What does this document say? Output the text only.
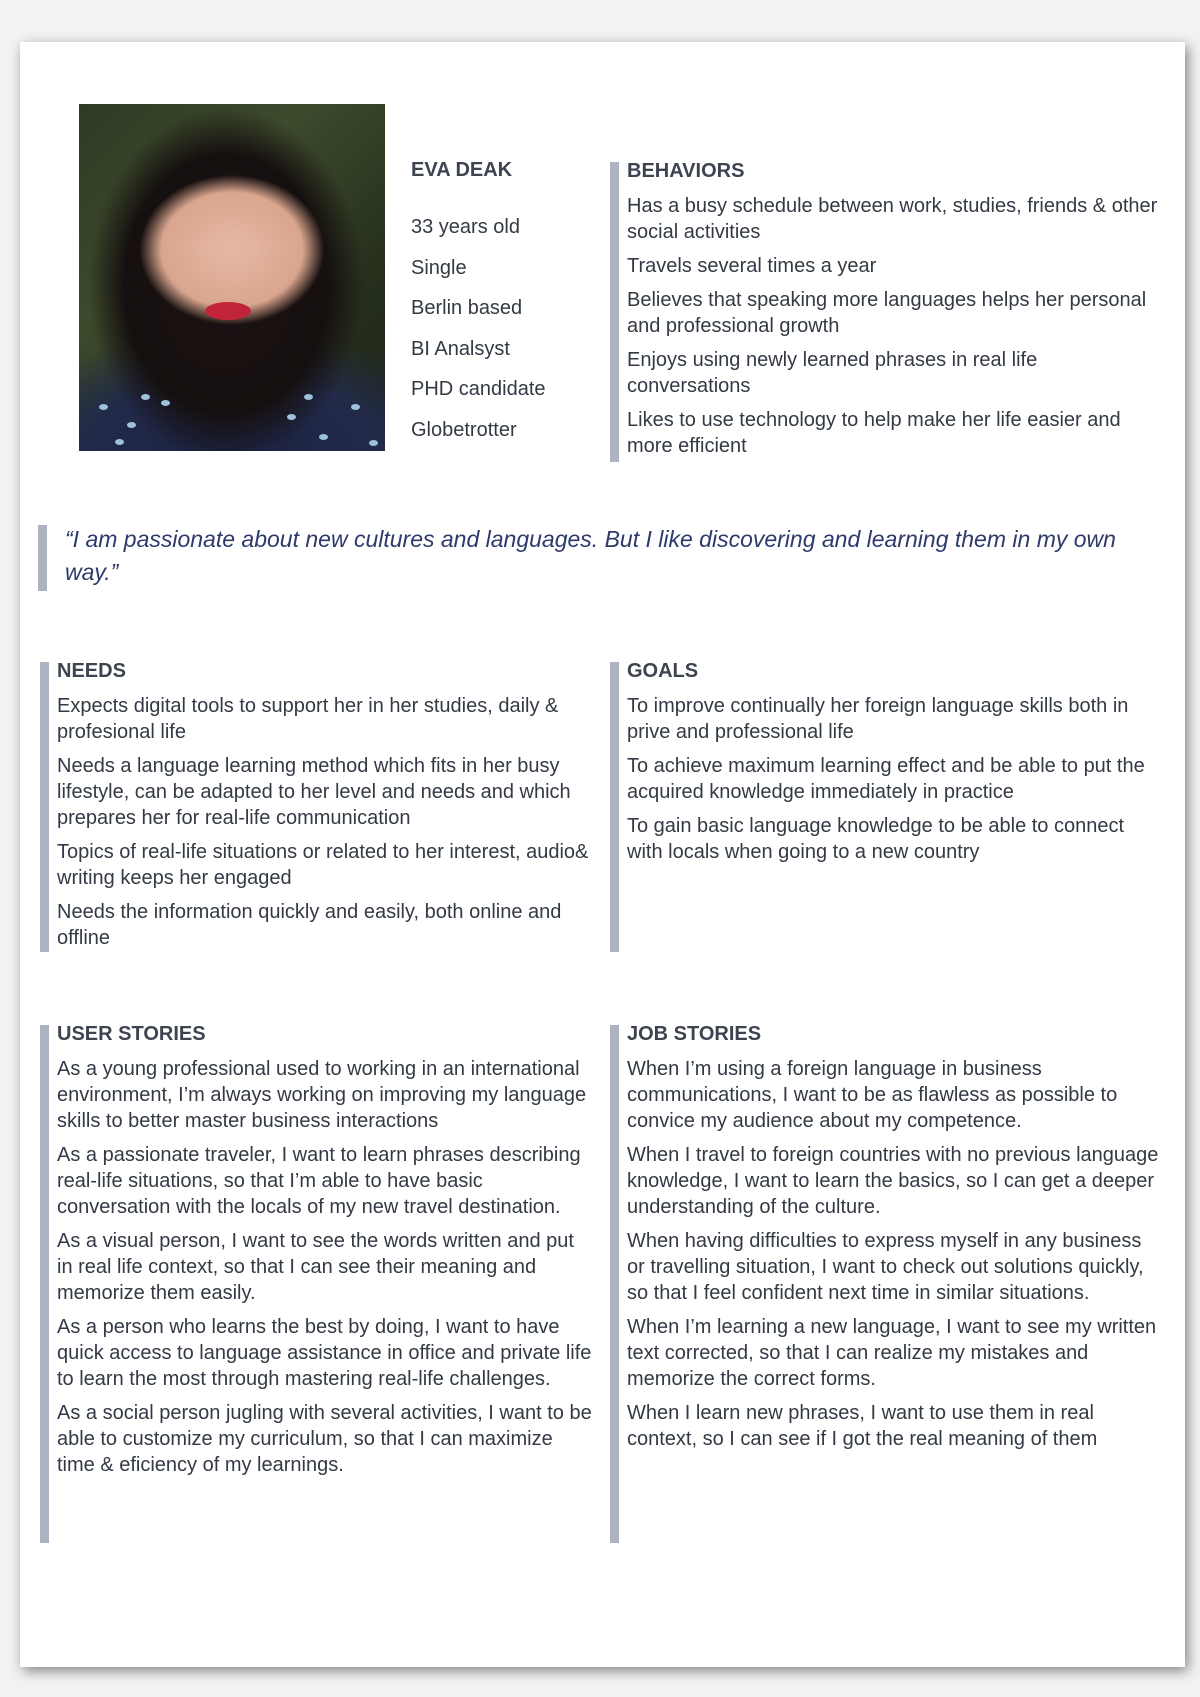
EVA DEAK
33 years old
Single
Berlin based
BI Analsyst
PHD candidate
Globetrotter
BEHAVIORS
Has a busy schedule between work, studies, friends & other social activities
Travels several times a year
Believes that speaking more languages helps her personal and professional growth
Enjoys using newly learned phrases in real life conversations
Likes to use technology to help make her life easier and more efficient
“I am passionate about new cultures and languages. But I like discovering and learning them in my own way.”
NEEDS
Expects digital tools to support her in her studies, daily & profesional life
Needs a language learning method which fits in her busy lifestyle, can be adapted to her level and needs and which prepares her for real-life communication
Topics of real-life situations or related to her interest, audio& writing keeps her engaged
Needs the information quickly and easily, both online and offline
GOALS
To improve continually her foreign language skills both in prive and professional life
To achieve maximum learning effect and be able to put the acquired knowledge immediately in practice
To gain basic language knowledge to be able to connect with locals when going to a new country
USER STORIES
As a young professional used to working in an international environment, I’m always working on improving my language skills to better master business interactions
As a passionate traveler, I want to learn phrases describing real-life situations, so that I’m able to have basic conversation with the locals of my new travel destination.
As a visual person, I want to see the words written and put in real life context, so that I can see their meaning and memorize them easily.
As a person who learns the best by doing, I want to have quick access to language assistance in office and private life to learn the most through mastering real-life challenges.
As a social person jugling with several activities, I want to be able to customize my curriculum, so that I can maximize time & eficiency of my learnings.
JOB STORIES
When I’m using a foreign language in business communications, I want to be as flawless as possible to convice my audience about my competence.
When I travel to foreign countries with no previous language knowledge, I want to learn the basics, so I can get a deeper understanding of the culture.
When having difficulties to express myself in any business or travelling situation, I want to check out solutions quickly, so that I feel confident next time in similar situations.
When I’m learning a new language, I want to see my written text corrected, so that I can realize my mistakes and memorize the correct forms.
When I learn new phrases, I want to use them in real context, so I can see if I got the real meaning of them
